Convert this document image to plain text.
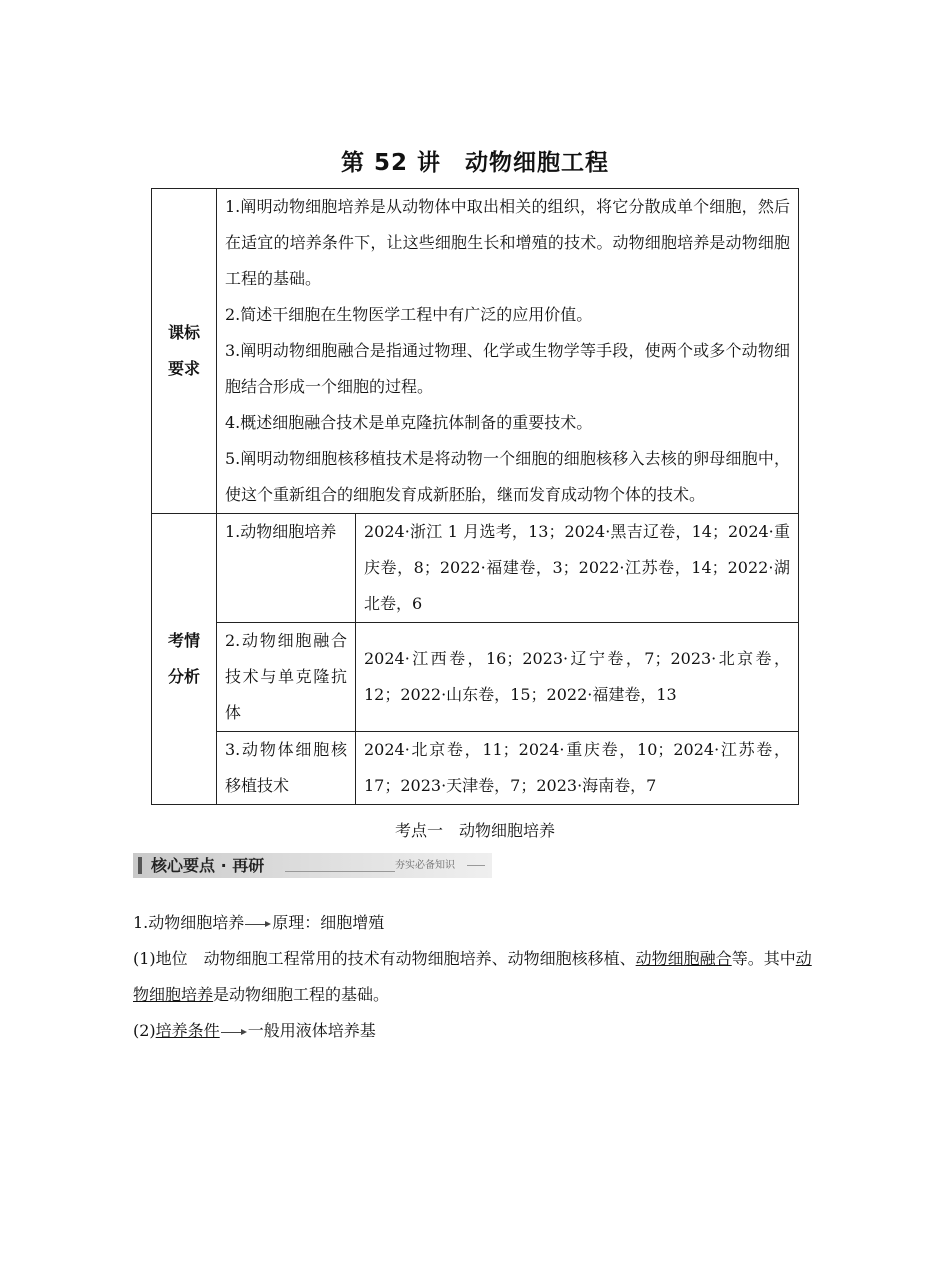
第 52 讲　动物细胞工程
课标
要求	1.阐明动物细胞培养是从动物体中取出相关的组织，将它分散成单个细胞，然后在适宜的培养条件下，让这些细胞生长和增殖的技术。动物细胞培养是动物细胞工程的基础。
2.简述干细胞在生物医学工程中有广泛的应用价值。
3.阐明动物细胞融合是指通过物理、化学或生物学等手段，使两个或多个动物细胞结合形成一个细胞的过程。
4.概述细胞融合技术是单克隆抗体制备的重要技术。
5.阐明动物细胞核移植技术是将动物一个细胞的细胞核移入去核的卵母细胞中，使这个重新组合的细胞发育成新胚胎，继而发育成动物个体的技术。	

考情
分析	1.动物细胞培养	2024·浙江 1 月选考，13；2024·黑吉辽卷，14；2024·重庆卷，8；2022·福建卷，3；2022·江苏卷，14；2022·湖北卷，6
	2.动物细胞融合技术与单克隆抗体	2024·江西卷，16；2023·辽宁卷，7；2023·北京卷，12；2022·山东卷，15；2022·福建卷，13
	3.动物体细胞核移植技术	2024·北京卷，11；2024·重庆卷，10；2024·江苏卷，17；2023·天津卷，7；2023·海南卷，7
考点一　动物细胞培养
核心要点 · 再研	夯实必备知识
1.动物细胞培养 原理：细胞增殖
(1)地位　动物细胞工程常用的技术有动物细胞培养、动物细胞核移植、动物细胞融合等。其中动物细胞培养是动物细胞工程的基础。
(2)培养条件 一般用液体培养基
